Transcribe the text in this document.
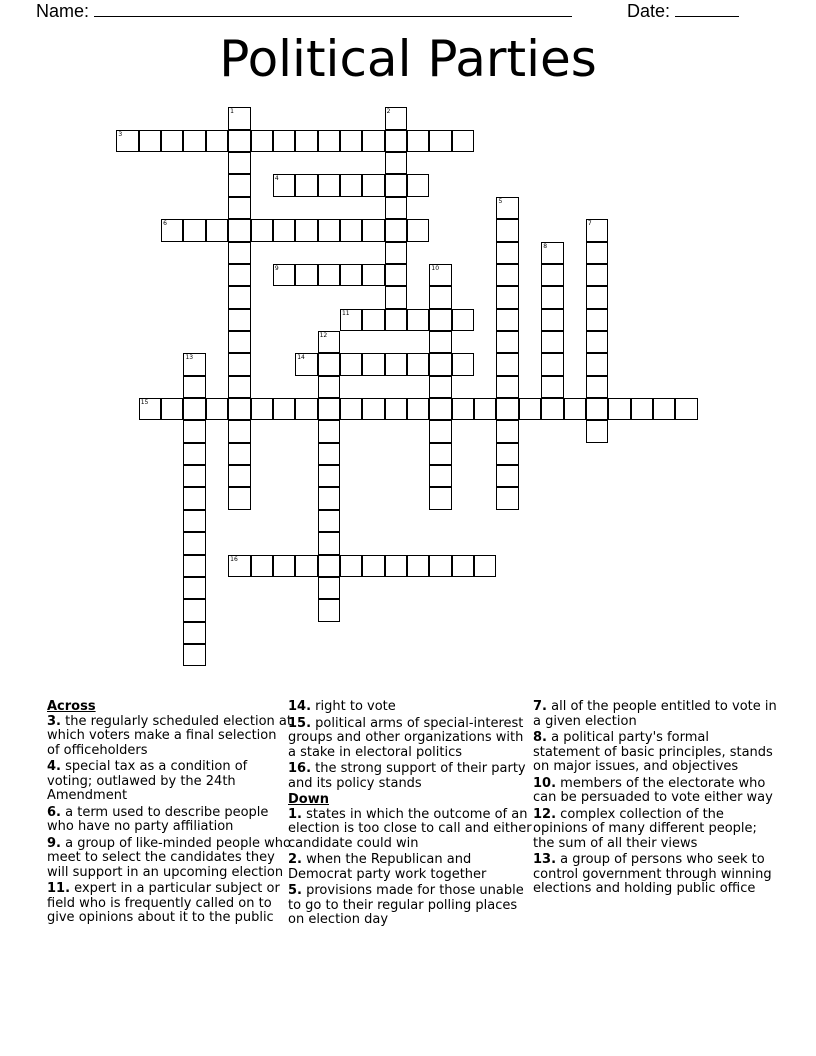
Name:	Date:
Political Parties
1	2
3
4
5
6	7
8
9	10
11
12
13	14
15
16
Across
3. the regularly scheduled election at which voters make a final selection of officeholders
4. special tax as a condition of voting; outlawed by the 24th Amendment
6. a term used to describe people who have no party affiliation
9. a group of like-minded people who meet to select the candidates they will support in an upcoming election
11. expert in a particular subject or field who is frequently called on to give opinions about it to the public
14. right to vote
15. political arms of special-interest groups and other organizations with a stake in electoral politics
16. the strong support of their party and its policy stands
Down
1. states in which the outcome of an election is too close to call and either candidate could win
2. when the Republican and Democrat party work together
5. provisions made for those unable to go to their regular polling places on election day
7. all of the people entitled to vote in a given election
8. a political party's formal statement of basic principles, stands on major issues, and objectives
10. members of the electorate who can be persuaded to vote either way
12. complex collection of the opinions of many different people; the sum of all their views
13. a group of persons who seek to control government through winning elections and holding public office
